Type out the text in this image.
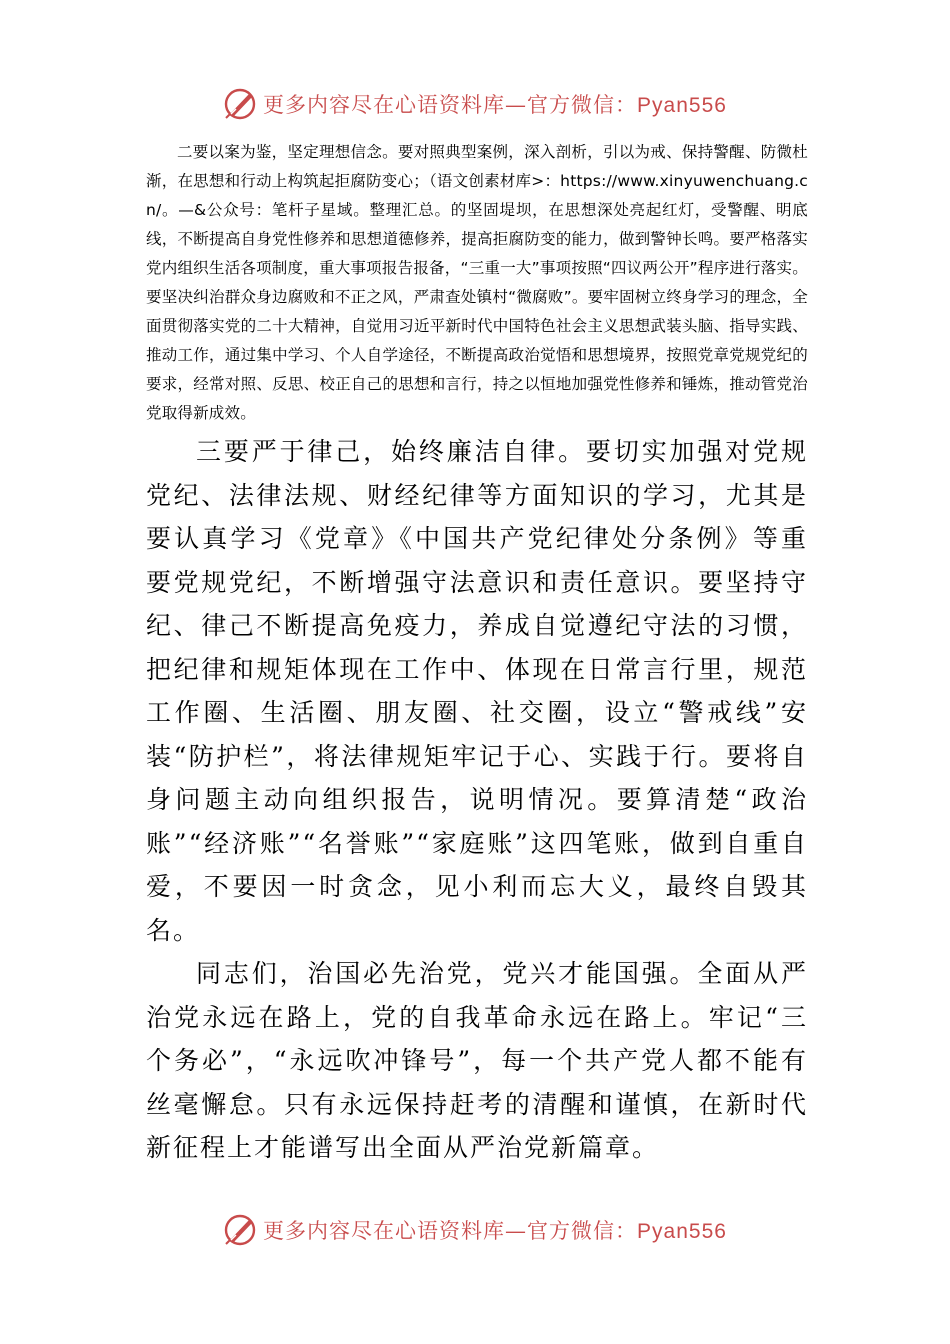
更多内容尽在心语资料库—官方微信：Pyan556

二要以案为鉴，坚定理想信念。要对照典型案例，深入剖析，引以为戒、保持警醒、防微杜渐，在思想和行动上构筑起拒腐防变心；（语文创素材库>：https://www.xinyuwenchuang.cn/。—&公众号：笔杆子星域。整理汇总。的坚固堤坝，在思想深处亮起红灯，受警醒、明底线，不断提高自身党性修养和思想道德修养，提高拒腐防变的能力，做到警钟长鸣。要严格落实党内组织生活各项制度，重大事项报告报备，“三重一大”事项按照“四议两公开”程序进行落实。要坚决纠治群众身边腐败和不正之风，严肃查处镇村“微腐败”。要牢固树立终身学习的理念，全面贯彻落实党的二十大精神，自觉用习近平新时代中国特色社会主义思想武装头脑、指导实践、推动工作，通过集中学习、个人自学途径，不断提高政治觉悟和思想境界，按照党章党规党纪的要求，经常对照、反思、校正自己的思想和言行，持之以恒地加强党性修养和锤炼，推动管党治党取得新成效。

三要严于律己，始终廉洁自律。要切实加强对党规党纪、法律法规、财经纪律等方面知识的学习，尤其是要认真学习《党章》《中国共产党纪律处分条例》等重要党规党纪，不断增强守法意识和责任意识。要坚持守纪、律己不断提高免疫力，养成自觉遵纪守法的习惯，把纪律和规矩体现在工作中、体现在日常言行里，规范工作圈、生活圈、朋友圈、社交圈，设立“警戒线”安装“防护栏”，将法律规矩牢记于心、实践于行。要将自身问题主动向组织报告，说明情况。要算清楚“政治账”“经济账”“名誉账”“家庭账”这四笔账，做到自重自爱，不要因一时贪念，见小利而忘大义，最终自毁其名。

同志们，治国必先治党，党兴才能国强。全面从严治党永远在路上，党的自我革命永远在路上。牢记“三个务必”，“永远吹冲锋号”，每一个共产党人都不能有丝毫懈怠。只有永远保持赶考的清醒和谨慎，在新时代新征程上才能谱写出全面从严治党新篇章。

更多内容尽在心语资料库—官方微信：Pyan556
